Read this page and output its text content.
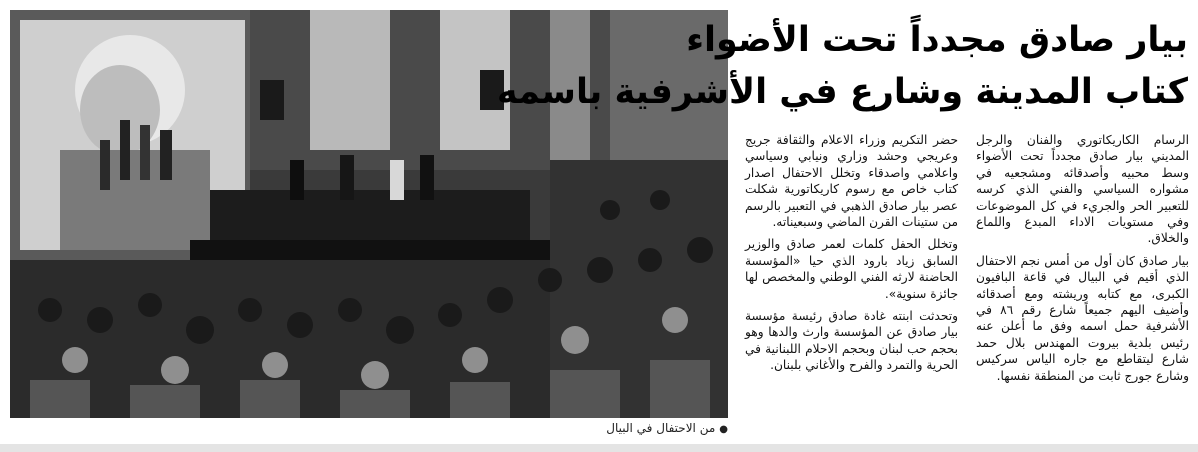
●من الاحتفال في البيال
بيار صادق مجدداً تحت الأضواء
كتاب المدينة وشارع في الأشرفية باسمه

الرسام الكاريكاتوري والفنان والرجل المديني بيار صادق مجدداً تحت الأضواء وسط محبيه وأصدقائه ومشجعيه في مشواره السياسي والفني الذي كرسه للتعبير الحر والجريء في كل الموضوعات وفي مستويات الاداء المبدع واللماع والخلاق.

بيار صادق كان أول من أمس نجم الاحتفال الذي أقيم في البيال في قاعة البافيون الكبرى، مع كتابه وريشته ومع أصدقائه وأضيف اليهم جميعاً شارع رقم ٨٦ في الأشرفية حمل اسمه وفق ما أعلن عنه رئيس بلدية بيروت المهندس بلال حمد شارع ليتقاطع مع جاره الياس سركيس وشارع جورج ثابت من المنطقة نفسها.

حضر التكريم وزراء الاعلام والثقافة جريج وعريجي وحشد وزاري ونيابي وسياسي واعلامي واصدقاء وتخلل الاحتفال اصدار كتاب خاص مع رسوم كاريكاتورية شكلت عصر بيار صادق الذهبي في التعبير بالرسم من ستينات القرن الماضي وسبعيناته.

وتخلل الحفل كلمات لعمر صادق والوزير السابق زياد بارود الذي حيا «المؤسسة الحاضنة لارثه الفني الوطني والمخصص لها جائزة سنوية».

وتحدثت ابنته غادة صادق رئيسة مؤسسة بيار صادق عن المؤسسة وارث والدها وهو بحجم حب لبنان وبحجم الاحلام اللبنانية في الحرية والتمرد والفرح والأغاني بلبنان.
